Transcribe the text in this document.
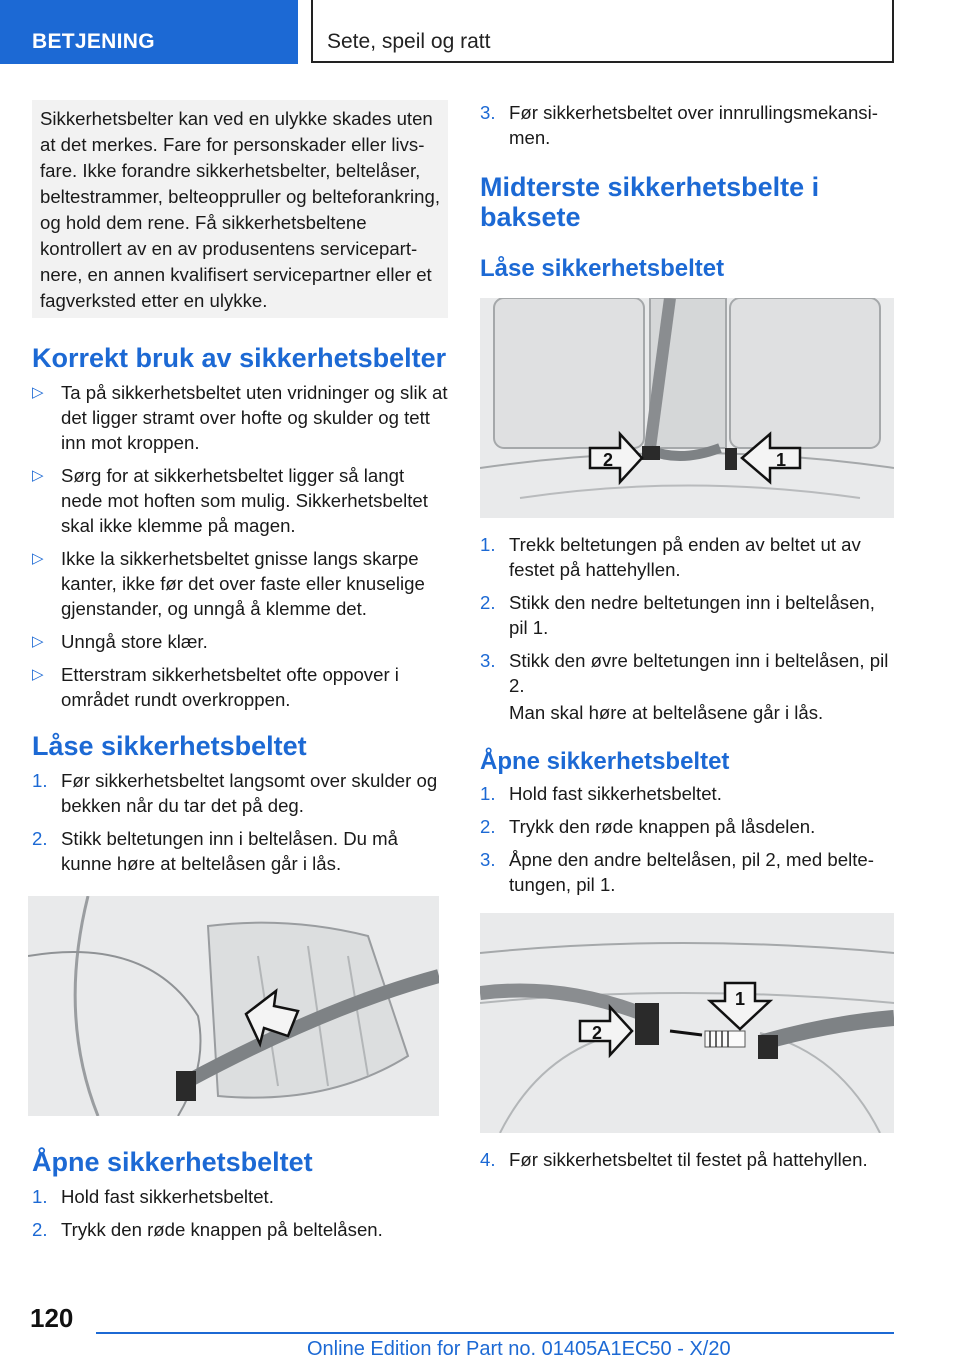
BETJENING	Sete, speil og ratt

Sikkerhetsbelter kan ved en ulykke skades uten at det merkes. Fare for personskader eller livsfare. Ikke forandre sikkerhetsbelter, beltelåser, beltestrammer, belteoppruller og belteforankring, og hold dem rene. Få sikkerhetsbeltene kontrollert av en av produsentens servicepartnere, en annen kvalifisert servicepartner eller et fagverksted etter en ulykke.

Korrekt bruk av sikkerhetsbelter
▷ Ta på sikkerhetsbeltet uten vridninger og slik at det ligger stramt over hofte og skulder og tett inn mot kroppen.
▷ Sørg for at sikkerhetsbeltet ligger så langt nede mot hoften som mulig. Sikkerhetsbeltet skal ikke klemme på magen.
▷ Ikke la sikkerhetsbeltet gnisse langs skarpe kanter, ikke før det over faste eller knuselige gjenstander, og unngå å klemme det.
▷ Unngå store klær.
▷ Etterstram sikkerhetsbeltet ofte oppover i området rundt overkroppen.
Låse sikkerhetsbeltet
1. Før sikkerhetsbeltet langsomt over skulder og bekken når du tar det på deg.
2. Stikk beltetungen inn i beltelåsen. Du må kunne høre at beltelåsen går i lås.
Åpne sikkerhetsbeltet
1. Hold fast sikkerhetsbeltet.
2. Trykk den røde knappen på beltelåsen.
3. Før sikkerhetsbeltet over innrullingsmekansimen.
Midterste sikkerhetsbelte i baksete
Låse sikkerhetsbeltet
2	1
1. Trekk beltetungen på enden av beltet ut av festet på hattehyllen.
2. Stikk den nedre beltetungen inn i beltelåsen, pil 1.
3. Stikk den øvre beltetungen inn i beltelåsen, pil 2.
Man skal høre at beltelåsene går i lås.
Åpne sikkerhetsbeltet
1. Hold fast sikkerhetsbeltet.
2. Trykk den røde knappen på låsdelen.
3. Åpne den andre beltelåsen, pil 2, med beltetungen, pil 1.
2
1
4. Før sikkerhetsbeltet til festet på hattehyllen.
120
Online Edition for Part no. 01405A1EC50 - X/20
